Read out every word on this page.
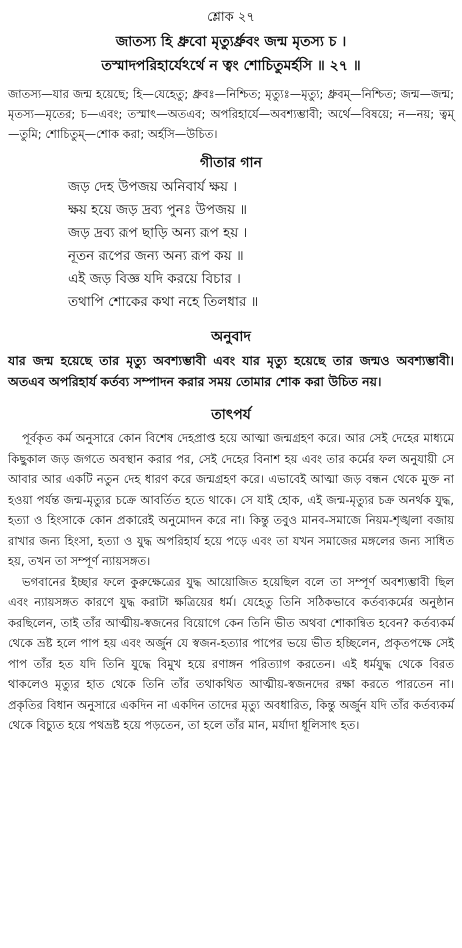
শ্লোক ২৭
জাতস্য হি ধ্রুবো মৃত্যুর্ধ্রুবং জন্ম মৃতস্য চ ।
তস্মাদপরিহার্যেঽর্থে ন ত্বং শোচিতুমর্হসি ॥ ২৭ ॥

জাতস্য—যার জন্ম হয়েছে; হি—যেহেতু; ধ্রুবঃ—নিশ্চিত; মৃত্যুঃ—মৃত্যু; ধ্রুবম্—নিশ্চিত; জন্ম—জন্ম; মৃতস্য—মৃতের; চ—এবং; তস্মাৎ—অতএব; অপরিহার্যে—অবশ্যম্ভাবী; অর্থে—বিষয়ে; ন—নয়; ত্বম্—তুমি; শোচিতুম্—শোক করা; অর্হসি—উচিত।

গীতার গান
জড় দেহ উপজয় অনিবার্য ক্ষয় ।
ক্ষয় হয়ে জড় দ্রব্য পুনঃ উপজয় ॥
জড় দ্রব্য রূপ ছাড়ি অন্য রূপ হয় ।
নূতন রূপের জন্য অন্য রূপ কয় ॥
এই জড় বিজ্ঞ যদি করয়ে বিচার ।
তথাপি শোকের কথা নহে তিলধার ॥
অনুবাদ

যার জন্ম হয়েছে তার মৃত্যু অবশ্যম্ভাবী এবং যার মৃত্যু হয়েছে তার জন্মও অবশ্যম্ভাবী। অতএব অপরিহার্য কর্তব্য সম্পাদন করার সময় তোমার শোক করা উচিত নয়।

তাৎপর্য

পূর্বকৃত কর্ম অনুসারে কোন বিশেষ দেহপ্রাপ্ত হয়ে আত্মা জন্মগ্রহণ করে। আর সেই দেহের মাধ্যমে কিছুকাল জড় জগতে অবস্থান করার পর, সেই দেহের বিনাশ হয় এবং তার কর্মের ফল অনুযায়ী সে আবার আর একটি নতুন দেহ ধারণ করে জন্মগ্রহণ করে। এভাবেই আত্মা জড় বন্ধন থেকে মুক্ত না হওয়া পর্যন্ত জন্ম-মৃত্যুর চক্রে আবর্তিত হতে থাকে। সে যাই হোক, এই জন্ম-মৃত্যুর চক্র অনর্থক যুদ্ধ, হত্যা ও হিংসাকে কোন প্রকারেই অনুমোদন করে না। কিন্তু তবুও মানব-সমাজে নিয়ম-শৃঙ্খলা বজায় রাখার জন্য হিংসা, হত্যা ও যুদ্ধ অপরিহার্য হয়ে পড়ে এবং তা যখন সমাজের মঙ্গলের জন্য সাধিত হয়, তখন তা সম্পূর্ণ ন্যায়সঙ্গত।

ভগবানের ইচ্ছার ফলে কুরুক্ষেত্রের যুদ্ধ আয়োজিত হয়েছিল বলে তা সম্পূর্ণ অবশ্যম্ভাবী ছিল এবং ন্যায়সঙ্গত কারণে যুদ্ধ করাটা ক্ষত্রিয়ের ধর্ম। যেহেতু তিনি সঠিকভাবে কর্তব্যকর্মের অনুষ্ঠান করছিলেন, তাই তাঁর আত্মীয়-স্বজনের বিয়োগে কেন তিনি ভীত অথবা শোকান্বিত হবেন? কর্তব্যকর্ম থেকে ভ্রষ্ট হলে পাপ হয় এবং অর্জুন যে স্বজন-হত্যার পাপের ভয়ে ভীত হচ্ছিলেন, প্রকৃতপক্ষে সেই পাপ তাঁর হত যদি তিনি যুদ্ধে বিমুখ হয়ে রণাঙ্গন পরিত্যাগ করতেন। এই ধর্মযুদ্ধ থেকে বিরত থাকলেও মৃত্যুর হাত থেকে তিনি তাঁর তথাকথিত আত্মীয়-স্বজনদের রক্ষা করতে পারতেন না। প্রকৃতির বিধান অনুসারে একদিন না একদিন তাদের মৃত্যু অবধারিত, কিন্তু অর্জুন যদি তাঁর কর্তব্যকর্ম থেকে বিচ্যুত হয়ে পথভ্রষ্ট হয়ে পড়তেন, তা হলে তাঁর মান, মর্যাদা ধূলিসাৎ হত।
